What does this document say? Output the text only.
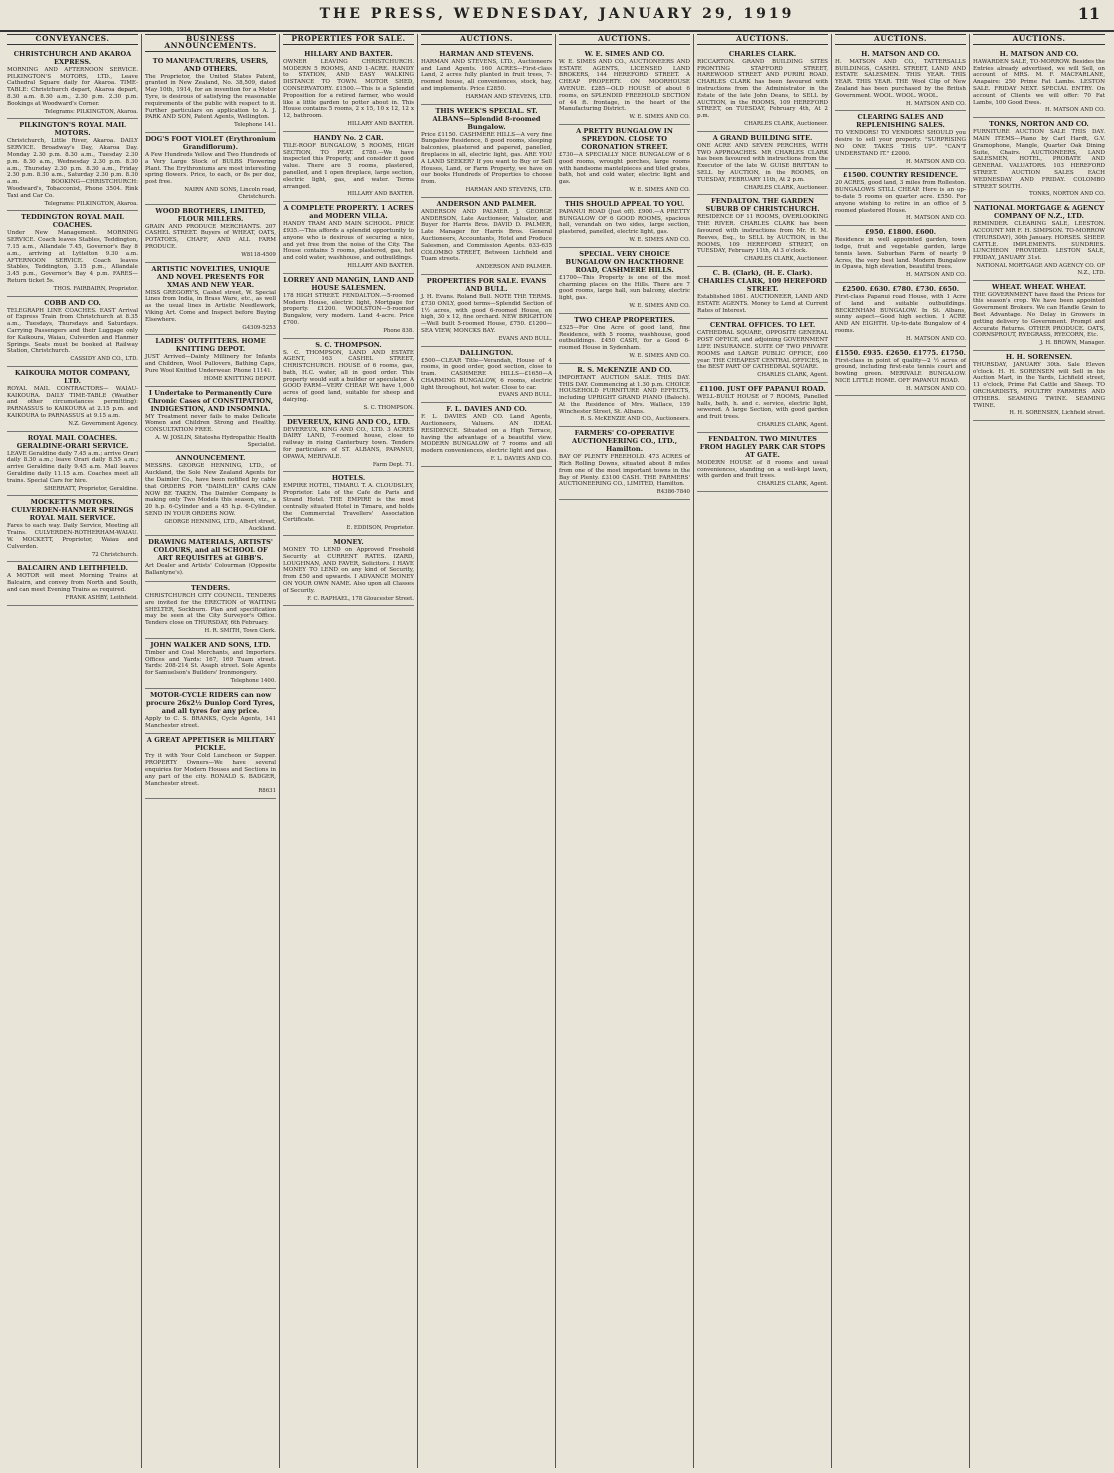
THE PRESS, WEDNESDAY, JANUARY 29, 1919	11
CONVEYANCES.
CHRISTCHURCH AND AKAROA EXPRESS.
MORNING AND AFTERNOON SERVICE. PILKINGTON'S MOTORS, LTD., Leave Cathedral Square daily for Akaroa. TIME-TABLE: Christchurch depart, Akaroa depart, 8.30 a.m. 8.30 a.m., 2.30 p.m. 2.30 p.m. Bookings at Woodward's Corner.
Telegrams: PILKINGTON, Akaroa.
PILKINGTON'S ROYAL MAIL MOTORS.
Christchurch, Little River, Akaroa. DAILY SERVICE. Broadway's Day, Akaroa Day. Monday 2.30 p.m. 8.30 a.m., Tuesday 2.30 p.m. 8.30 a.m., Wednesday 2.30 p.m. 8.30 a.m., Thursday 2.30 p.m. 8.30 a.m., Friday 2.30 p.m. 8.30 a.m., Saturday 2.30 p.m. 8.30 a.m. BOOKING—CHRISTCHURCH: Woodward's, Tobacconist, Phone 3504. Rink Taxi and Car Co.
Telegrams: PILKINGTON, Akaroa.
TEDDINGTON ROYAL MAIL COACHES.
Under New Management. MORNING SERVICE. Coach leaves Stables, Teddington, 7.15 a.m., Allandale 7.45, Governor's Bay 8 a.m., arriving at Lyttelton 9.30 a.m. AFTERNOON SERVICE. Coach leaves Stables, Teddington, 3.15 p.m., Allandale 3.45 p.m., Governor's Bay 4 p.m. FARES—Return ticket 5s.
THOS. FAIRBAIRN, Proprietor.
COBB AND CO.
TELEGRAPH LINE COACHES. EAST Arrival of Express Train from Christchurch at 8.35 a.m., Tuesdays, Thursdays and Saturdays. Carrying Passengers and their Luggage only for Kaikoura, Waiau, Culverden and Hanmer Springs. Seats must be booked at Railway Station, Christchurch.
CASSIDY AND CO., LTD.
KAIKOURA MOTOR COMPANY, LTD.
ROYAL MAIL CONTRACTORS— WAIAU-KAIKOURA. DAILY TIME-TABLE (Weather and other circumstances permitting): PARNASSUS to KAIKOURA at 2.15 p.m. and KAIKOURA to PARNASSUS at 9.15 a.m.
N.Z. Government Agency.
ROYAL MAIL COACHES. GERALDINE-ORARI SERVICE.
LEAVE Geraldine daily 7.45 a.m.; arrive Orari daily 8.30 a.m.; leave Orari daily 8.55 a.m.; arrive Geraldine daily 9.45 a.m. Mail leaves Geraldine daily 11.15 a.m. Coaches meet all trains. Special Cars for hire.
SHERRATT, Proprietor, Geraldine.
MOCKETT'S MOTORS. CULVERDEN-HANMER SPRINGS ROYAL MAIL SERVICE.
Fares to each way. Daily Service, Meeting all Trains. CULVERDEN-ROTHERHAM-WAIAU. W. MOCKETT, Proprietor, Waiau and Culverden.
72 Christchurch.
BALCAIRN AND LEITHFIELD.
A MOTOR will meet Morning Trains at Balcairn, and convey from North and South, and can meet Evening Trains as required.
FRANK ASHBY, Leithfield.
BUSINESS ANNOUNCEMENTS.
TO MANUFACTURERS, USERS, AND OTHERS.
The Proprietor, the United States Patent, granted in New Zealand, No. 38,509, dated May 10th, 1914, for an invention for a Motor Tyre, is desirous of satisfying the reasonable requirements of the public with respect to it. Further particulars on application to A. J. PARK AND SON, Patent Agents, Wellington.
Telephone 141.
DOG'S FOOT VIOLET (Erythronium Grandiflorum).
A Few Hundreds Yellow and Two Hundreds of a Very Large Stock of BULBS Flowering Plant. The Erythroniums are most interesting spring flowers. Price, to each, or 8s per doz, post free.
NAIRN AND SONS, Lincoln road, Christchurch.
WOOD BROTHERS, LIMITED, FLOUR MILLERS.
GRAIN AND PRODUCE MERCHANTS. 207 CASHEL STREET. Buyers of WHEAT, OATS, POTATOES, CHAFF, AND ALL FARM PRODUCE.
W8118-4509
ARTISTIC NOVELTIES, UNIQUE AND NOVEL PRESENTS FOR XMAS AND NEW YEAR.
MISS GREGORY'S, Cashel street, W. Special Lines from India, in Brass Ware, etc., as well as the usual lines in Artistic Needlework, Viking Art. Come and Inspect before Buying Elsewhere.
G4309-5253
LADIES' OUTFITTERS. HOME KNITTING DEPOT.
JUST Arrived—Dainty Millinery for Infants and Children, Wool Pullovers, Bathing Caps, Pure Wool Knitted Underwear. Phone 11141.
HOME KNITTING DEPOT.
I Undertake to Permanently Cure Chronic Cases of CONSTIPATION, INDIGESTION, AND INSOMNIA.
MY Treatment never fails to make Delicate Women and Children Strong and Healthy. CONSULTATION FREE.
A. W. JOSLIN, Sitatosha Hydropathic Health Specialist.
ANNOUNCEMENT.
MESSRS. GEORGE HENNING, LTD., of Auckland, the Sole New Zealand Agents for the Daimler Co., have been notified by cable that ORDERS FOR "DAIMLER" CARS CAN NOW BE TAKEN. The Daimler Company is making only Two Models this season, viz., a 20 h.p. 6-Cylinder and a 45 h.p. 6-Cylinder. SEND IN YOUR ORDERS NOW.
GEORGE HENNING, LTD., Albert street, Auckland.
DRAWING MATERIALS, ARTISTS' COLOURS, and all SCHOOL OF ART REQUISITES at GIBB'S.
Art Dealer and Artists' Colourman (Opposite Ballantyne's).
TENDERS.
CHRISTCHURCH CITY COUNCIL. TENDERS are invited for the ERECTION of WAITING SHELTER, Sockburn. Plan and specification may be seen at the City Surveyor's Office. Tenders close on THURSDAY, 6th February.
H. R. SMITH, Town Clerk.
JOHN WALKER AND SONS, LTD.
Timber and Coal Merchants, and Importers. Offices and Yards: 167, 169 Tuam street. Yards: 208-214 St. Asaph street. Sole Agents for Samuelson's Builders' Ironmongery.
Telephone 1400.
MOTOR-CYCLE RIDERS can now procure 26x2½ Dunlop Cord Tyres, and all tyres for any price.
Apply to C. S. BRANKS, Cycle Agents, 141 Manchester street.
A GREAT APPETISER is MILITARY PICKLE.
Try it with Your Cold Luncheon or Supper. PROPERTY Owners—We have several enquiries for Modern Houses and Sections in any part of the city. RONALD S. BADGER, Manchester street.
R8631
PROPERTIES FOR SALE.
HILLARY AND BAXTER.
OWNER LEAVING CHRISTCHURCH. MODERN 5 ROOMS, AND 1-ACRE. HANDY to STATION, AND EASY WALKING DISTANCE TO TOWN. MOTOR SHED, CONSERVATORY. £1500.—This is a Splendid Proposition for a retired farmer, who would like a little garden to potter about in. This House contains 5 rooms, 2 x 15, 10 x 12, 12 x 12, bathroom.
HILLARY AND BAXTER.
HANDY No. 2 CAR.
TILE-ROOF BUNGALOW, 5 ROOMS, HIGH SECTION, TO PEAT. £780.—We have inspected this Property, and consider it good value. There are 5 rooms, plastered, panelled, and 1 open fireplace, large section, electric light, gas, and water. Terms arranged.
HILLARY AND BAXTER.
A COMPLETE PROPERTY. 1 ACRES and MODERN VILLA.
HANDY TRAM AND MAIN SCHOOL. PRICE £935.—This affords a splendid opportunity to anyone who is desirous of securing a nice, and yet free from the noise of the City. The House contains 5 rooms, plastered, gas, hot and cold water, washhouse, and outbuildings.
HILLARY AND BAXTER.
LORREY AND MANGIN, LAND AND HOUSE SALESMEN.
178 HIGH STREET. FENDALTON.—5-roomed Modern House, electric light, Mortgage for property. £1200. WOOLSTON—5-roomed Bungalow, very modern. Land 4-acre. Price £700.
Phone 838.
S. C. THOMPSON.
S. C. THOMPSON, LAND AND ESTATE AGENT, 163 CASHEL STREET, CHRISTCHURCH. HOUSE of 6 rooms, gas, bath, H.C. water, all in good order. This property would suit a builder or speculator. A GOOD FARM—VERY CHEAP. WE have 1,000 acres of good land, suitable for sheep and dairying.
S. C. THOMPSON.
DEVEREUX, KING AND CO., LTD.
DEVEREUX, KING AND CO., LTD. 3 ACRES DAIRY LAND, 7-roomed house, close to railway in rising Canterbury town. Tenders for particulars of ST. ALBANS, PAPANUI, OPAWA, MERIVALE.
Farm Dept. 71.
HOTELS.
EMPIRE HOTEL, TIMARU. T. A. CLOUDSLEY, Proprietor. Late of the Cafe de Paris and Strand Hotel. THE EMPIRE is the most centrally situated Hotel in Timaru, and holds the Commercial Travellers' Association Certificate.
E. EDDISON, Proprietor.
MONEY.
MONEY TO LEND on Approved Freehold Security at CURRENT RATES. IZARD, LOUGHNAN, AND FAVER, Solicitors. I HAVE MONEY TO LEND on any kind of Security, from £50 and upwards. I ADVANCE MONEY ON YOUR OWN NAME. Also upon all Classes of Security.
F. C. RAPHAEL, 178 Gloucester Street.
AUCTIONS.
HARMAN AND STEVENS.
HARMAN AND STEVENS, LTD., Auctioneers and Land Agents. 160 ACRES—First-class Land, 2 acres fully planted in fruit trees, 7-roomed house, all conveniences, stock, hay, and implements. Price £2850.
HARMAN AND STEVENS, LTD.
THIS WEEK'S SPECIAL. ST. ALBANS—Splendid 8-roomed Bungalow.
Price £1150. CASHMERE HILLS—A very fine Bungalow Residence, 8 good rooms, sleeping balconies, plastered and papered, panelled, fireplaces in all, electric light, gas. ARE YOU A LAND SEEKER? If you want to Buy or Sell Houses, Land, or Farm Property, we have on our books Hundreds of Properties to choose from.
HARMAN AND STEVENS, LTD.
ANDERSON AND PALMER.
ANDERSON AND PALMER. J. GEORGE ANDERSON, Late Auctioneer, Valuator, and Buyer for Harris Bros. DAVID D. PALMER, Late Manager for Harris Bros. General Auctioneers, Accountants, Hotel and Produce Salesmen, and Commission Agents. 633-635 COLOMBO STREET, Between Lichfield and Tuam streets.
ANDERSON AND PALMER.
PROPERTIES FOR SALE. EVANS AND BULL.
J. H. Evans. Roland Bull. NOTE THE TERMS. £730 ONLY, good terms—Splendid Section of 1½ acres, with good 6-roomed House, on high, 30 x 12, fine orchard. NEW BRIGHTON—Well built 5-roomed House, £750. £1200—SEA VIEW, MONCKS BAY.
EVANS AND BULL.
DALLINGTON.
£500—CLEAR Title—Verandah, House of 4 rooms, in good order, good section, close to tram. CASHMERE HILLS—£1650—A CHARMING BUNGALOW, 6 rooms, electric light throughout, hot water. Close to car.
EVANS AND BULL.
F. L. DAVIES AND CO.
F. L. DAVIES AND CO. Land Agents, Auctioneers, Valuers. AN IDEAL RESIDENCE. Situated on a High Terrace, having the advantage of a beautiful view. MODERN BUNGALOW of 7 rooms and all modern conveniences, electric light and gas.
F. L. DAVIES AND CO.
AUCTIONS.
W. E. SIMES AND CO.
W. E. SIMES AND CO., AUCTIONEERS AND ESTATE AGENTS, LICENSED LAND BROKERS, 144 HEREFORD STREET. A CHEAP PROPERTY. ON MOORHOUSE AVENUE. £285—OLD HOUSE of about 6 rooms, on SPLENDID FREEHOLD SECTION of 44 ft. frontage, in the heart of the Manufacturing District.
W. E. SIMES AND CO.
A PRETTY BUNGALOW IN SPREYDON. CLOSE TO CORONATION STREET.
£730—A SPECIALLY NICE BUNGALOW of 6 good rooms, wrought porches, large rooms with handsome mantelpieces and tiled grates, bath, hot and cold water, electric light and gas.
W. E. SIMES AND CO.
THIS SHOULD APPEAL TO YOU.
PAPANUI ROAD (Just off). £900.—A PRETTY BUNGALOW OF 6 GOOD ROOMS, spacious hall, verandah on two sides, large section, plastered, panelled, electric light, gas.
W. E. SIMES AND CO.
SPECIAL. VERY CHOICE BUNGALOW ON HACKTHORNE ROAD, CASHMERE HILLS.
£1700—This Property is one of the most charming places on the Hills. There are 7 good rooms, large hall, sun balcony, electric light, gas.
W. E. SIMES AND CO.
TWO CHEAP PROPERTIES.
£325—For One Acre of good land, fine Residence, with 5 rooms, washhouse, good outbuildings. £450 CASH, for a Good 6-roomed House in Sydenham.
W. E. SIMES AND CO.
R. S. McKENZIE AND CO.
IMPORTANT AUCTION SALE. THIS DAY. THIS DAY. Commencing at 1.30 p.m. CHOICE HOUSEHOLD FURNITURE AND EFFECTS, including UPRIGHT GRAND PIANO (Baloch). At the Residence of Mrs. Wallace, 159 Winchester Street, St. Albans.
R. S. McKENZIE AND CO., Auctioneers.
FARMERS' CO-OPERATIVE AUCTIONEERING CO., LTD., Hamilton.
BAY OF PLENTY FREEHOLD. 473 ACRES of Rich Rolling Downs, situated about 8 miles from one of the most important towns in the Bay of Plenty. £3100 CASH. THE FARMERS' AUCTIONEERING CO., LIMITED, Hamilton.
R4386-7840
AUCTIONS.
CHARLES CLARK.
RICCARTON. GRAND BUILDING SITES FRONTING STAFFORD STREET, HAREWOOD STREET AND PURIRI ROAD. CHARLES CLARK has been favoured with instructions from the Administrator in the Estate of the late John Deans, to SELL by AUCTION, in the ROOMS, 109 HEREFORD STREET, on TUESDAY, February 4th, At 2 p.m.
CHARLES CLARK, Auctioneer.
A GRAND BUILDING SITE.
ONE ACRE AND SEVEN PERCHES, WITH TWO APPROACHES. MR CHARLES CLARK has been favoured with instructions from the Executor of the late W. GUISE BRITTAN to SELL by AUCTION, in the ROOMS, on TUESDAY, FEBRUARY 11th, At 2 p.m.
CHARLES CLARK, Auctioneer.
FENDALTON. THE GARDEN SUBURB OF CHRISTCHURCH.
RESIDENCE OF 11 ROOMS, OVERLOOKING THE RIVER. CHARLES CLARK has been favoured with instructions from Mr. H. M. Reeves, Esq., to SELL by AUCTION, in the ROOMS, 109 HEREFORD STREET, on TUESDAY, February 11th, At 3 o'clock.
CHARLES CLARK, Auctioneer.
C. B. (Clark), (H. E. Clark). CHARLES CLARK, 109 HEREFORD STREET.
Established 1861. AUCTIONEER, LAND AND ESTATE AGENTS. Money to Lend at Current Rates of Interest.
CENTRAL OFFICES. TO LET.
CATHEDRAL SQUARE, OPPOSITE GENERAL POST OFFICE, and adjoining GOVERNMENT LIFE INSURANCE. SUITE OF TWO PRIVATE ROOMS and LARGE PUBLIC OFFICE, £60 year. THE CHEAPEST CENTRAL OFFICES, in the BEST PART OF CATHEDRAL SQUARE.
CHARLES CLARK, Agent.
£1100. JUST OFF PAPANUI ROAD.
WELL-BUILT HOUSE of 7 ROOMS, Panelled halls, bath, h. and c. service, electric light, sewered. A large Section, with good garden and fruit trees.
CHARLES CLARK, Agent.
FENDALTON. TWO MINUTES FROM HAGLEY PARK CAR STOPS AT GATE.
MODERN HOUSE of 8 rooms and usual conveniences, standing on a well-kept lawn, with garden and fruit trees.
CHARLES CLARK, Agent.
AUCTIONS.
H. MATSON AND CO.
H. MATSON AND CO., TATTERSALLS BUILDINGS, CASHEL STREET, LAND AND ESTATE SALESMEN. THIS YEAR. THIS YEAR. THIS YEAR. THE Wool Clip of New Zealand has been purchased by the British Government. WOOL. WOOL. WOOL.
H. MATSON AND CO.
CLEARING SALES AND REPLENISHING SALES.
TO VENDORS! TO VENDORS! SHOULD you desire to sell your property. "SURPRISING NO ONE TAKES THIS UP". "CAN'T UNDERSTAND IT." £2000.
H. MATSON AND CO.
£1500. COUNTRY RESIDENCE.
20 ACRES, good land, 3 miles from Rolleston. BUNGALOWS STILL CHEAP. Here is an up-to-date 5 rooms on quarter acre. £550. For anyone wishing to retire in an office of 5 roomed plastered House.
H. MATSON AND CO.
£950. £1800. £600.
Residence in well appointed garden, town lodge, fruit and vegetable garden, large tennis lawn. Suburban Farm of nearly 9 Acres, the very best land. Modern Bungalow in Opawa, high elevation, beautiful trees.
H. MATSON AND CO.
£2500. £630. £780. £730. £650.
First-class Papanui road House, with 1 Acre of land and suitable outbuildings. BECKENHAM BUNGALOW. In St. Albans, sunny aspect—Good high section. 1 ACRE AND AN EIGHTH. Up-to-date Bungalow of 4 rooms.
H. MATSON AND CO.
£1550. £935. £2650. £1775. £1750.
First-class in point of quality—2 ½ acres of ground, including first-rate tennis court and bowling green. MERIVALE BUNGALOW. NICE LITTLE HOME. OFF PAPANUI ROAD.
H. MATSON AND CO.
AUCTIONS.
H. MATSON AND CO.
HAWARDEN SALE, TO-MORROW. Besides the Entries already advertised, we will Sell, on account of MRS. M. F. MACFARLANE, Anapaire: 250 Prime Fat Lambs. LESTON SALE. FRIDAY NEXT. SPECIAL ENTRY. On account of Clients we will offer: 70 Fat Lambs, 100 Good Ewes.
H. MATSON AND CO.
TONKS, NORTON AND CO.
FURNITURE AUCTION SALE THIS DAY. MAIN ITEMS—Piano by Carl Hardt, G.V. Gramophone, Mangle, Quarter Oak Dining Suite, Chairs. AUCTIONEERS, LAND SALESMEN, HOTEL, PROBATE AND GENERAL VALUATORS. 103 HEREFORD STREET. AUCTION SALES EACH WEDNESDAY AND FRIDAY. COLOMBO STREET SOUTH.
TONKS, NORTON AND CO.
NATIONAL MORTGAGE & AGENCY COMPANY OF N.Z., LTD.
REMINDER. CLEARING SALE, LEESTON. ACCOUNT MR F. H. SIMPSON. TO-MORROW (THURSDAY), 30th January. HORSES. SHEEP. CATTLE. IMPLEMENTS. SUNDRIES. LUNCHEON PROVIDED. LESTON SALE, FRIDAY, JANUARY 31st.
NATIONAL MORTGAGE AND AGENCY CO. OF N.Z., LTD.
WHEAT. WHEAT. WHEAT.
THE GOVERNMENT have fixed the Prices for this season's crop. We have been appointed Government Brokers. We can Handle Grain to Best Advantage. No Delay in Growers in getting delivery to Government. Prompt and Accurate Returns. OTHER PRODUCE. OATS, CORNSPROUT, RYEGRASS, RYECORN, Etc.
J. H. BROWN, Manager.
H. H. SORENSEN.
THURSDAY, JANUARY 30th. Sale Eleven o'clock. H. H. SORENSEN will Sell in his Auction Mart, in the Yards, Lichfield street, 11 o'clock, Prime Fat Cattle and Sheep. TO ORCHARDISTS, POULTRY FARMERS AND OTHERS. SEAMING TWINE. SEAMING TWINE.
H. H. SORENSEN, Lichfield street.
